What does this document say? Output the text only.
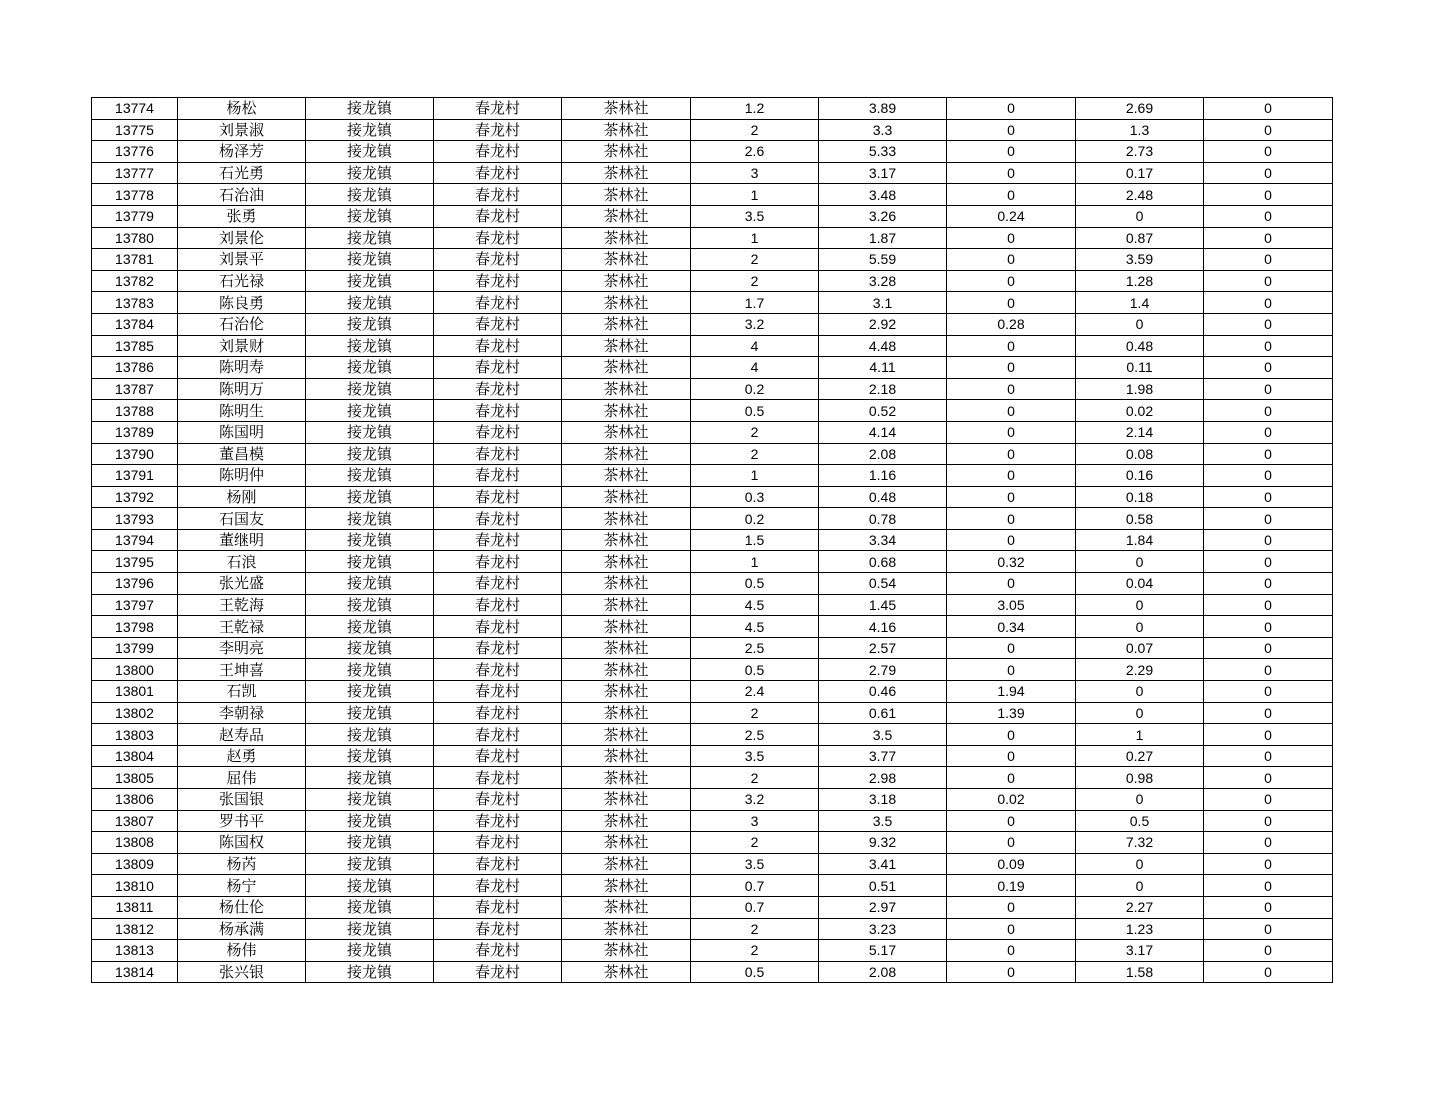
13774	杨松	接龙镇	春龙村	茶林社	1.2	3.89	0	2.69	0
13775	刘景淑	接龙镇	春龙村	茶林社	2	3.3	0	1.3	0
13776	杨泽芳	接龙镇	春龙村	茶林社	2.6	5.33	0	2.73	0
13777	石光勇	接龙镇	春龙村	茶林社	3	3.17	0	0.17	0
13778	石治油	接龙镇	春龙村	茶林社	1	3.48	0	2.48	0
13779	张勇	接龙镇	春龙村	茶林社	3.5	3.26	0.24	0	0
13780	刘景伦	接龙镇	春龙村	茶林社	1	1.87	0	0.87	0
13781	刘景平	接龙镇	春龙村	茶林社	2	5.59	0	3.59	0
13782	石光禄	接龙镇	春龙村	茶林社	2	3.28	0	1.28	0
13783	陈良勇	接龙镇	春龙村	茶林社	1.7	3.1	0	1.4	0
13784	石治伦	接龙镇	春龙村	茶林社	3.2	2.92	0.28	0	0
13785	刘景财	接龙镇	春龙村	茶林社	4	4.48	0	0.48	0
13786	陈明寿	接龙镇	春龙村	茶林社	4	4.11	0	0.11	0
13787	陈明万	接龙镇	春龙村	茶林社	0.2	2.18	0	1.98	0
13788	陈明生	接龙镇	春龙村	茶林社	0.5	0.52	0	0.02	0
13789	陈国明	接龙镇	春龙村	茶林社	2	4.14	0	2.14	0
13790	董昌模	接龙镇	春龙村	茶林社	2	2.08	0	0.08	0
13791	陈明仲	接龙镇	春龙村	茶林社	1	1.16	0	0.16	0
13792	杨刚	接龙镇	春龙村	茶林社	0.3	0.48	0	0.18	0
13793	石国友	接龙镇	春龙村	茶林社	0.2	0.78	0	0.58	0
13794	董继明	接龙镇	春龙村	茶林社	1.5	3.34	0	1.84	0
13795	石浪	接龙镇	春龙村	茶林社	1	0.68	0.32	0	0
13796	张光盛	接龙镇	春龙村	茶林社	0.5	0.54	0	0.04	0
13797	王乾海	接龙镇	春龙村	茶林社	4.5	1.45	3.05	0	0
13798	王乾禄	接龙镇	春龙村	茶林社	4.5	4.16	0.34	0	0
13799	李明亮	接龙镇	春龙村	茶林社	2.5	2.57	0	0.07	0
13800	王坤喜	接龙镇	春龙村	茶林社	0.5	2.79	0	2.29	0
13801	石凯	接龙镇	春龙村	茶林社	2.4	0.46	1.94	0	0
13802	李朝禄	接龙镇	春龙村	茶林社	2	0.61	1.39	0	0
13803	赵寿品	接龙镇	春龙村	茶林社	2.5	3.5	0	1	0
13804	赵勇	接龙镇	春龙村	茶林社	3.5	3.77	0	0.27	0
13805	屈伟	接龙镇	春龙村	茶林社	2	2.98	0	0.98	0
13806	张国银	接龙镇	春龙村	茶林社	3.2	3.18	0.02	0	0
13807	罗书平	接龙镇	春龙村	茶林社	3	3.5	0	0.5	0
13808	陈国权	接龙镇	春龙村	茶林社	2	9.32	0	7.32	0
13809	杨芮	接龙镇	春龙村	茶林社	3.5	3.41	0.09	0	0
13810	杨宁	接龙镇	春龙村	茶林社	0.7	0.51	0.19	0	0
13811	杨仕伦	接龙镇	春龙村	茶林社	0.7	2.97	0	2.27	0
13812	杨承满	接龙镇	春龙村	茶林社	2	3.23	0	1.23	0
13813	杨伟	接龙镇	春龙村	茶林社	2	5.17	0	3.17	0
13814	张兴银	接龙镇	春龙村	茶林社	0.5	2.08	0	1.58	0
